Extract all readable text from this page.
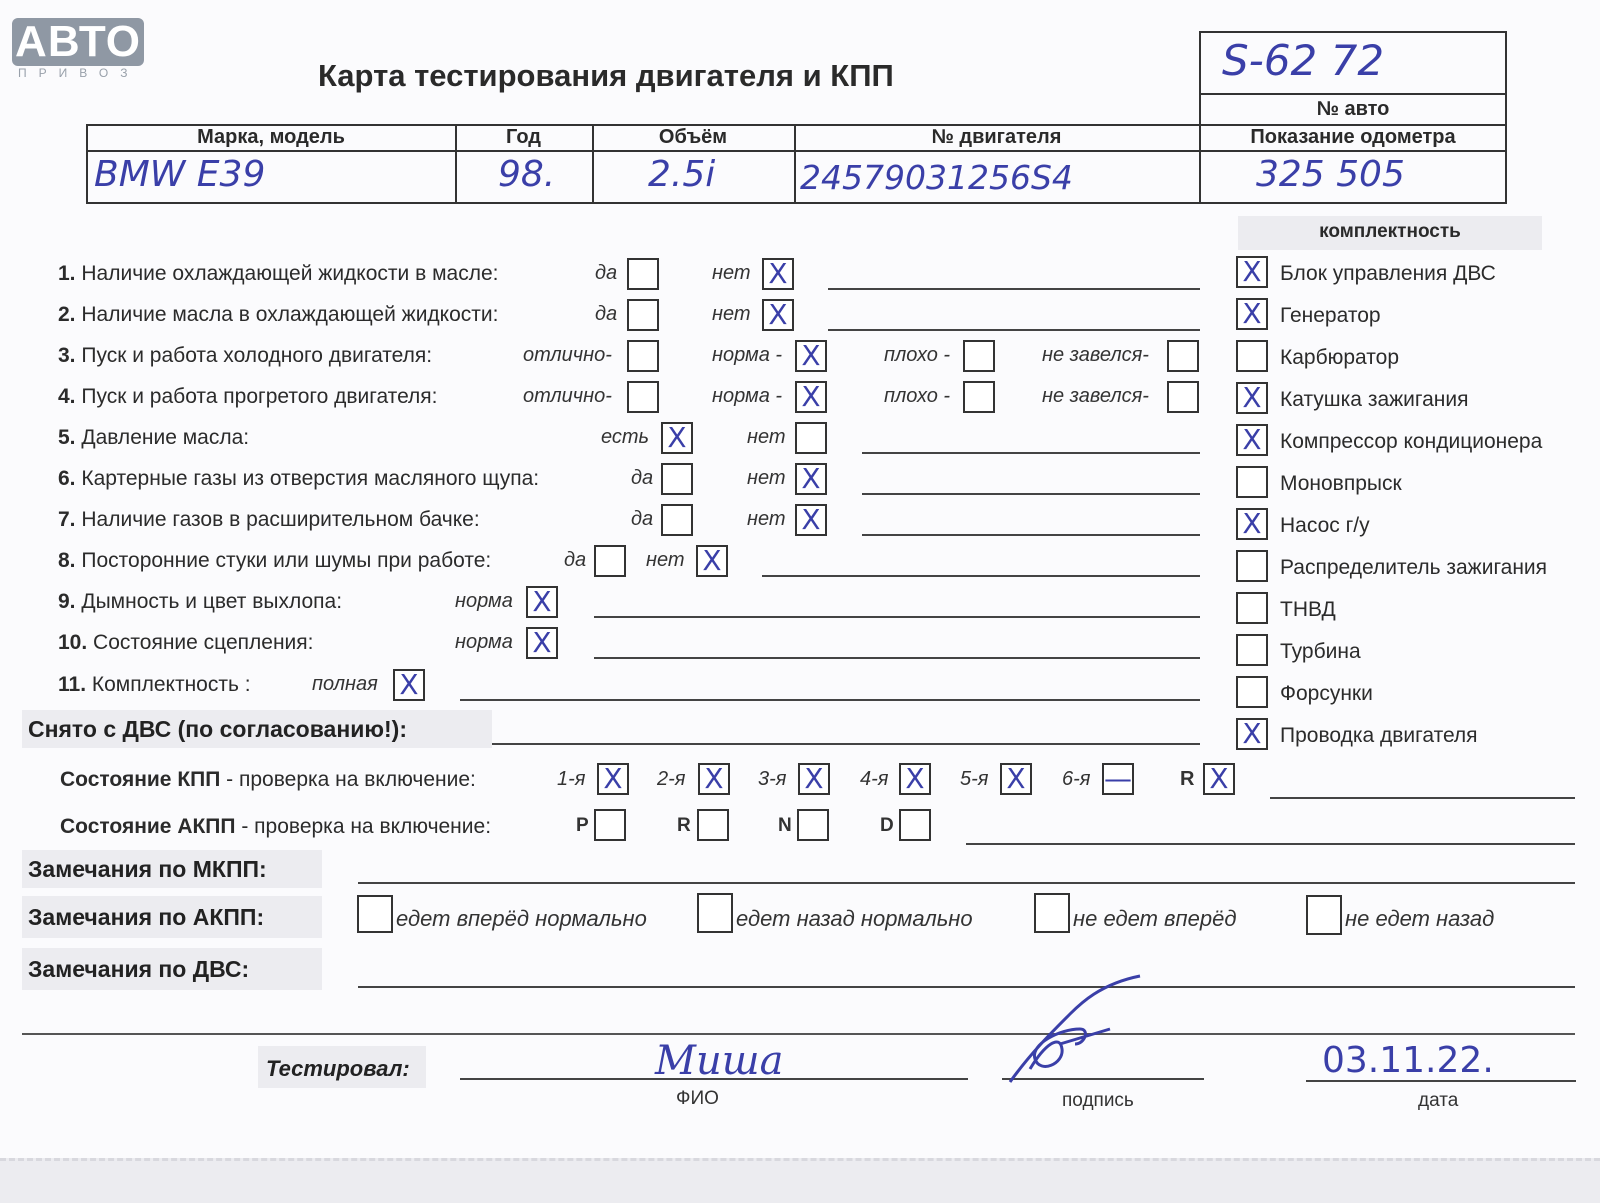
АВТО
ПРИВОЗ	Карта тестирования двигателя и КПП	S-62 72
№ авто
Марка, модель	Год	Объём	№ двигателя	Показание одометра
BMW E39	98.	2.5i	24579031256S4	325 505
комплектность
1. Наличие охлаждающей жидкости в масле:	да	нет X
2. Наличие масла в охлаждающей жидкости:	да	нет X
3. Пуск и работа холодного двигателя:	отлично-	норма - X	плохо -	не завелся-
4. Пуск и работа прогретого двигателя:	отлично-	норма - X	плохо -	не завелся-
5. Давление масла:	есть X	нет
6. Картерные газы из отверстия масляного щупа:	да	нет X
7. Наличие газов в расширительном бачке:	да	нет X
8. Посторонние стуки или шумы при работе:	да	нет X
9. Дымность и цвет выхлопа:	норма X
10. Состояние сцепления:	норма X
11. Комплектность :	полная X
Снято с ДВС (по согласованию!):
X Блок управления ДВС
X Генератор
Карбюратор
X Катушка зажигания
X Компрессор кондиционера
Моновпрыск
X Насос г/у
Распределитель зажигания
ТНВД
Турбина
Форсунки
X Проводка двигателя
Состояние КПП - проверка на включение:	1-я X 2-я X 3-я X 4-я X 5-я X 6-я — R X
Состояние АКПП - проверка на включение:	P	R	N	D
Замечания по МКПП:
Замечания по АКПП:	едет вперёд нормально	едет назад нормально	не едет вперёд	не едет назад
Замечания по ДВС:
Тестировал:	Миша
ФИО	подпись
03.11.22.
дата
